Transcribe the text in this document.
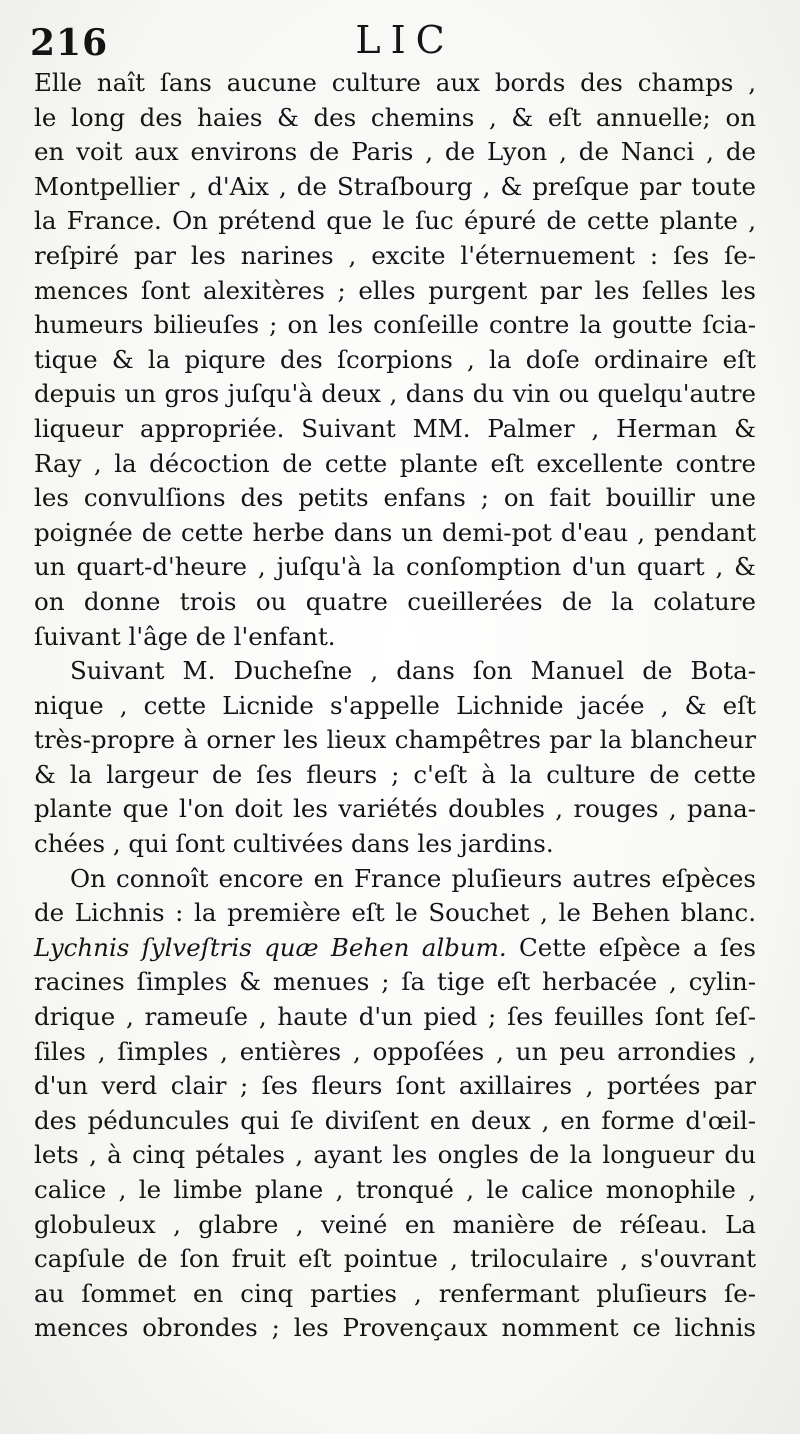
216	LIC
Elle naît ſans aucune culture aux bords des champs ,
le long des haies & des chemins , & eſt annuelle; on
en voit aux environs de Paris , de Lyon , de Nanci , de
Montpellier , d'Aix , de Straſbourg , & preſque par toute
la France. On prétend que le ſuc épuré de cette plante ,
reſpiré par les narines , excite l'éternuement : ſes ſe-
mences ſont alexitères ; elles purgent par les ſelles les
humeurs bilieuſes ; on les conſeille contre la goutte ſcia-
tique & la piqure des ſcorpions , la doſe ordinaire eſt
depuis un gros juſqu'à deux , dans du vin ou quelqu'autre
liqueur appropriée. Suivant MM. Palmer , Herman &
Ray , la décoction de cette plante eſt excellente contre
les convulſions des petits enfans ; on fait bouillir une
poignée de cette herbe dans un demi-pot d'eau , pendant
un quart-d'heure , juſqu'à la conſomption d'un quart , &
on donne trois ou quatre cueillerées de la colature
ſuivant l'âge de l'enfant.
Suivant M. Ducheſne , dans ſon Manuel de Bota-
nique , cette Licnide s'appelle Lichnide jacée , & eſt
très-propre à orner les lieux champêtres par la blancheur
& la largeur de ſes fleurs ; c'eſt à la culture de cette
plante que l'on doit les variétés doubles , rouges , pana-
chées , qui ſont cultivées dans les jardins.
On connoît encore en France pluſieurs autres eſpèces
de Lichnis : la première eſt le Souchet , le Behen blanc.
Lychnis ſylveſtris quæ Behen album. Cette eſpèce a ſes
racines ſimples & menues ; ſa tige eſt herbacée , cylin-
drique , rameuſe , haute d'un pied ; ſes feuilles ſont ſeſ-
ſiles , ſimples , entières , oppoſées , un peu arrondies ,
d'un verd clair ; ſes fleurs ſont axillaires , portées par
des péduncules qui ſe diviſent en deux , en forme d'œil-
lets , à cinq pétales , ayant les ongles de la longueur du
calice , le limbe plane , tronqué , le calice monophile ,
globuleux , glabre , veiné en manière de réſeau. La
capſule de ſon fruit eſt pointue , triloculaire , s'ouvrant
au ſommet en cinq parties , renfermant pluſieurs ſe-
mences obrondes ; les Provençaux nomment ce lichnis
